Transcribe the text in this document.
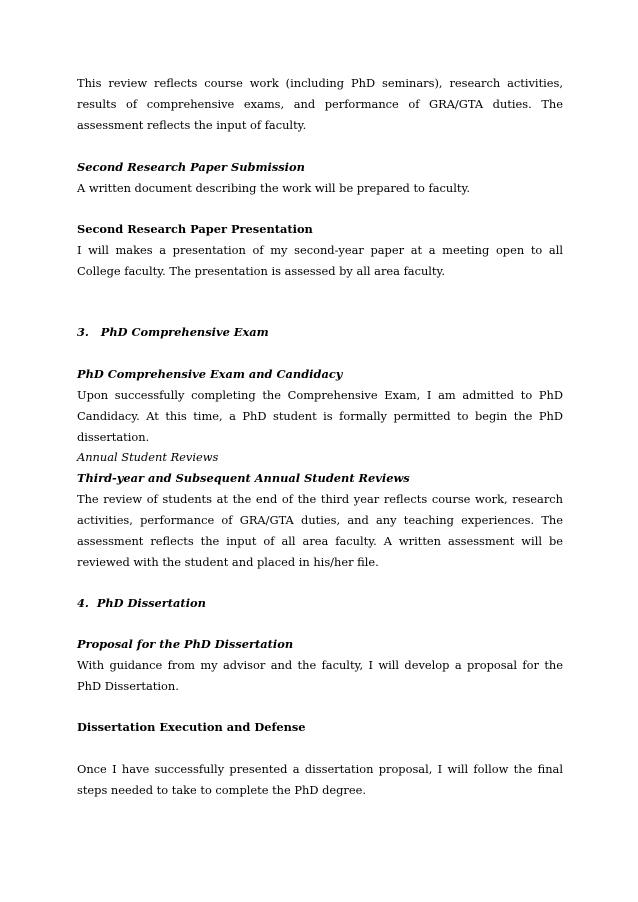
This review reflects course work (including PhD seminars), research activities, results of comprehensive exams, and performance of GRA/GTA duties. The assessment reflects the input of faculty.

Second Research Paper Submission

A written document describing the work will be prepared to faculty.

Second Research Paper Presentation

I will makes a presentation of my second-year paper at a meeting open to all College faculty. The presentation is assessed by all area faculty.

3.   PhD Comprehensive Exam

PhD Comprehensive Exam and Candidacy

Upon successfully completing the Comprehensive Exam, I am admitted to PhD Candidacy. At this time, a PhD student is formally permitted to begin the PhD dissertation.

Annual Student Reviews

Third-year and Subsequent Annual Student Reviews

The review of students at the end of the third year reflects course work, research activities, performance of GRA/GTA duties, and any teaching experiences. The assessment reflects the input of all area faculty. A written assessment will be reviewed with the student and placed in his/her file.

4.  PhD Dissertation

Proposal for the PhD Dissertation

With guidance from my advisor and the faculty, I will develop a proposal for the PhD Dissertation.

Dissertation Execution and Defense

Once I have successfully presented a dissertation proposal, I will follow the final steps needed to take to complete the PhD degree.
